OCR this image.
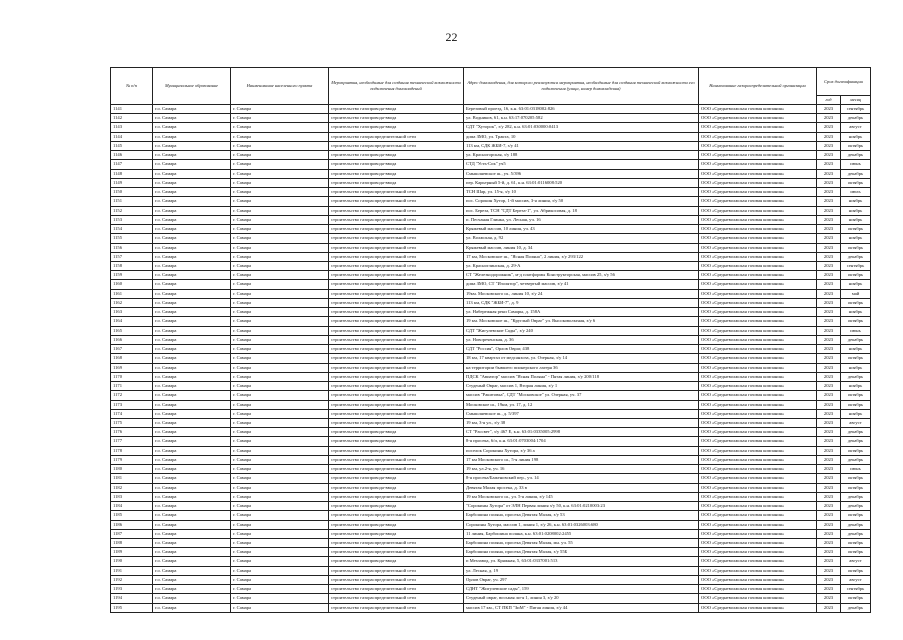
22
№ п/п	Муниципальное образование	Наименование населенного пункта	Мероприятия, необходимые для создания технической возможности подключения домовладений	Адрес домовладения, для которого реализуются мероприятия, необходимые для создания технической возможности его подключения (улица, номер домовладения)	Наименование газораспределительной организации	Срок догазификации	
						год	месяц
1141	г.о. Самара	г. Самара	строительство газопровода-ввода	Березовый проезд, 16, к.н. 63:01:0318002:826	ООО «Средневолжская газовая компания»	2023	сентябрь
1142	г.о. Самара	г. Самара	строительство газопровода-ввода	ул. Водников, 61, к.н. 63:17:070205:582	ООО «Средневолжская газовая компания»	2023	декабрь
1143	г.о. Самара	г. Самара	строительство газопровода-ввода	СДТ "Хуторок", з/у 282, к.н. 63:01:030000:0413	ООО «Средневолжская газовая компания»	2023	август
1144	г.о. Самара	г. Самара	строительство газораспределительной сети	дома ЗМО, ул. Тракта, 10	ООО «Средневолжская газовая компания»	2023	ноябрь
1145	г.о. Самара	г. Самара	строительство газораспределительной сети	113 км, СДК ЖБИ-7, з/у 41	ООО «Средневолжская газовая компания»	2023	октябрь
1146	г.о. Самара	г. Самара	строительство газопровода-ввода	ул. Красногорская, з/у 188	ООО «Средневолжская газовая компания»	2023	декабрь
1147	г.о. Самара	г. Самара	строительство газопровода-ввода	СТД "Усть-Сок" уч5	ООО «Средневолжская газовая компания»	2023	июнь
1148	г.о. Самара	г. Самара	строительство газопровода-ввода	Смышляевское ш., уч. 5/396	ООО «Средневолжская газовая компания»	2023	декабрь
1149	г.о. Самара	г. Самара	строительство газопровода-ввода	пер. Карьерный 5-й, д. 61, к.н. 63:01:0116008:520	ООО «Средневолжская газовая компания»	2023	октябрь
1150	г.о. Самара	г. Самара	строительство газораспределительной сети	ТСН Шар, ул. 15-я, з/у 10	ООО «Средневолжская газовая компания»	2023	июль
1151	г.о. Самара	г. Самара	строительство газораспределительной сети	пос. Сорокин Хутор, 1-й массив, 3-я линия, з/у 50	ООО «Средневолжская газовая компания»	2023	ноябрь
1152	г.о. Самара	г. Самара	строительство газораспределительной сети	пос. Береза, ТСН "СДТ Береза-1", ул. Абрикосовая, д. 18	ООО «Средневолжская газовая компания»	2023	ноябрь
1153	г.о. Самара	г. Самара	строительство газораспределительной сети	п. Песчаная Глинка, ул. Лесная, уч. 16	ООО «Средневолжская газовая компания»	2023	ноябрь
1154	г.о. Самара	г. Самара	строительство газораспределительной сети	Кряжевый массив, 10 линия, уч. 43	ООО «Средневолжская газовая компания»	2023	октябрь
1155	г.о. Самара	г. Самара	строительство газораспределительной сети	ул. Волжская, д. 92	ООО «Средневолжская газовая компания»	2023	ноябрь
1156	г.о. Самара	г. Самара	строительство газораспределительной сети	Кряжевый массив, линия 10, д. 34	ООО «Средневолжская газовая компания»	2023	октябрь
1157	г.о. Самара	г. Самара	строительство газораспределительной сети	17 км, Московское ш., "Ясная Поляна", 2 линия, з/у 293/122	ООО «Средневолжская газовая компания»	2023	декабрь
1158	г.о. Самара	г. Самара	строительство газораспределительной сети	ул. Красноглинская, д. 29-А	ООО «Средневолжская газовая компания»	2023	сентябрь
1159	г.о. Самара	г. Самара	строительство газораспределительной сети	СТ "Железнодорожник", м-д платформы Конструкторская, массив 25, з/у 56	ООО «Средневолжская газовая компания»	2023	октябрь
1160	г.о. Самара	г. Самара	строительство газораспределительной сети	дома ЗМО, СТ "Изолятор", четвертый массив, з/у 41	ООО «Средневолжская газовая компания»	2023	ноябрь
1161	г.о. Самара	г. Самара	строительство газораспределительной сети	19км. Московского ш., линия 10, з/у 24	ООО «Средневолжская газовая компания»	2023	май
1162	г.о. Самара	г. Самара	строительство газораспределительной сети	113 км, СДК "ЖБИ-7", д. 9	ООО «Средневолжская газовая компания»	2023	октябрь
1163	г.о. Самара	г. Самара	строительство газораспределительной сети	ул. Набережная реки Самары, д. 158А	ООО «Средневолжская газовая компания»	2023	ноябрь
1164	г.о. Самара	г. Самара	строительство газораспределительной сети	19 км. Московское ш., "Круглый Овраг" ул. Высоковольтная, з/у 6	ООО «Средневолжская газовая компания»	2023	октябрь
1165	г.о. Самара	г. Самара	строительство газораспределительной сети	СДТ "Жигулевские Сады", з/у 240	ООО «Средневолжская газовая компания»	2023	июнь
1166	г.о. Самара	г. Самара	строительство газораспределительной сети	ул. Новореченская, д. 36	ООО «Средневолжская газовая компания»	2023	декабрь
1167	г.о. Самара	г. Самара	строительство газораспределительной сети	СДТ "Россия", Орлов Овраг, 438	ООО «Средневолжская газовая компания»	2023	ноябрь
1168	г.о. Самара	г. Самара	строительство газораспределительной сети	18 км, 17 квартал от медсанхоза, ул. Озерная, з/у 14	ООО «Средневолжская газовая компания»	2023	октябрь
1169	г.о. Самара	г. Самара	строительство газораспределительной сети	на территории бывшего пионерского лагеря 36	ООО «Средневолжская газовая компания»	2023	ноябрь
1170	г.о. Самара	г. Самара	строительство газораспределительной сети	ПДСК "Авиатор" массив "Ясная Поляна" - Пятая линия, з/у 200/118	ООО «Средневолжская газовая компания»	2023	декабрь
1171	г.о. Самара	г. Самара	строительство газораспределительной сети	Студеный Овраг, массив 1, Вторая линия, з/у 1	ООО «Средневолжская газовая компания»	2023	ноябрь
1172	г.о. Самара	г. Самара	строительство газораспределительной сети	массив "Ракитовка", СДТ "Московское" ул. Озерная, уч. 37	ООО «Средневолжская газовая компания»	2023	октябрь
1173	г.о. Самара	г. Самара	строительство газораспределительной сети	Московское ш., 19км, ул. 17, д. 12	ООО «Средневолжская газовая компания»	2023	октябрь
1174	г.о. Самара	г. Самара	строительство газораспределительной сети	Смышляевское ш., д. 5/397	ООО «Средневолжская газовая компания»	2023	ноябрь
1175	г.о. Самара	г. Самара	строительство газораспределительной сети	19 км, 3-я ул., з/у 38	ООО «Средневолжская газовая компания»	2023	август
1176	г.о. Самара	г. Самара	строительство газопровода-ввода	СТ "Рассвет", з/у 467 Е, к.н. 63:01:0335005:2998	ООО «Средневолжская газовая компания»	2023	декабрь
1177	г.о. Самара	г. Самара	строительство газопровода-ввода	8-я просека, 6/п, к.н. 63:01:0703004:1704	ООО «Средневолжская газовая компания»	2023	декабрь
1178	г.о. Самара	г. Самара	строительство газопровода-ввода	поселок Сорокины Хутора, з/у 36 а	ООО «Средневолжская газовая компания»	2023	октябрь
1179	г.о. Самара	г. Самара	строительство газораспределительной сети	17 км Московского ш., 5-я линия 198	ООО «Средневолжская газовая компания»	2023	декабрь
1180	г.о. Самара	г. Самара	строительство газораспределительной сети	19 км, ул.2-я, уч. 16	ООО «Средневолжская газовая компания»	2023	июнь
1181	г.о. Самара	г. Самара	строительство газопровода-ввода	8-я просека/Баженовский пер., уч. 14	ООО «Средневолжская газовая компания»	2023	октябрь
1182	г.о. Самара	г. Самара	строительство газопровода-ввода	Девятая Малая просека, д. 33 в	ООО «Средневолжская газовая компания»	2023	октябрь
1183	г.о. Самара	г. Самара	строительство газораспределительной сети	19 км Московского ш., ул. 5-я линия, з/у 145	ООО «Средневолжская газовая компания»	2023	декабрь
1184	г.о. Самара	г. Самара	строительство газопровода-ввода	"Сорокины Хутора" от ЭЛН Первая линия з/у 50, к.н. 63:01:0210003:23	ООО «Средневолжская газовая компания»	2023	декабрь
1185	г.о. Самара	г. Самара	строительство газораспределительной сети	Барбошина поляна, просека Девятая Малая, з/у 53	ООО «Средневолжская газовая компания»	2023	октябрь
1186	г.о. Самара	г. Самара	строительство газопровода-ввода	Сорокины Хутора, массив 1, линия 1, з/у 26, к.н. 63:01:0326003:680	ООО «Средневолжская газовая компания»	2023	декабрь
1187	г.о. Самара	г. Самара	строительство газопровода-ввода	11 линия, Барбошина поляна, к.н. 63:01:0208002:2455	ООО «Средневолжская газовая компания»	2023	декабрь
1188	г.о. Самара	г. Самара	строительство газораспределительной сети	Барбошина поляна, просека Девятая Малая, мн. уч. 55	ООО «Средневолжская газовая компания»	2023	октябрь
1189	г.о. Самара	г. Самара	строительство газораспределительной сети	Барбошина поляна, просека Девятая Малая, з/у 55Б	ООО «Средневолжская газовая компания»	2023	октябрь
1190	г.о. Самара	г. Самара	строительство газопровода-ввода	п Мехзавод, ул. Кряжная, 5, 63:01:0337001:513	ООО «Средневолжская газовая компания»	2023	август
1191	г.о. Самара	г. Самара	строительство газораспределительной сети	ул. Лесная, д. 19	ООО «Средневолжская газовая компания»	2023	октябрь
1192	г.о. Самара	г. Самара	строительство газораспределительной сети	Орлов Овраг, уч. 297	ООО «Средневолжская газовая компания»	2023	август
1193	г.о. Самара	г. Самара	строительство газораспределительной сети	СДНТ "Жигулевские сады", 159	ООО «Средневолжская газовая компания»	2023	сентябрь
1194	г.о. Самара	г. Самара	строительство газораспределительной сети	Студеный овраг, восьмая ли-я 1, линия 3, з/у 20	ООО «Средневолжская газовая компания»	2023	октябрь
1195	г.о. Самара	г. Самара	строительство газораспределительной сети	массив 17 км., СТ ПКП "ЗиМ" - Пятая линия, з/у 44	ООО «Средневолжская газовая компания»	2023	декабрь
